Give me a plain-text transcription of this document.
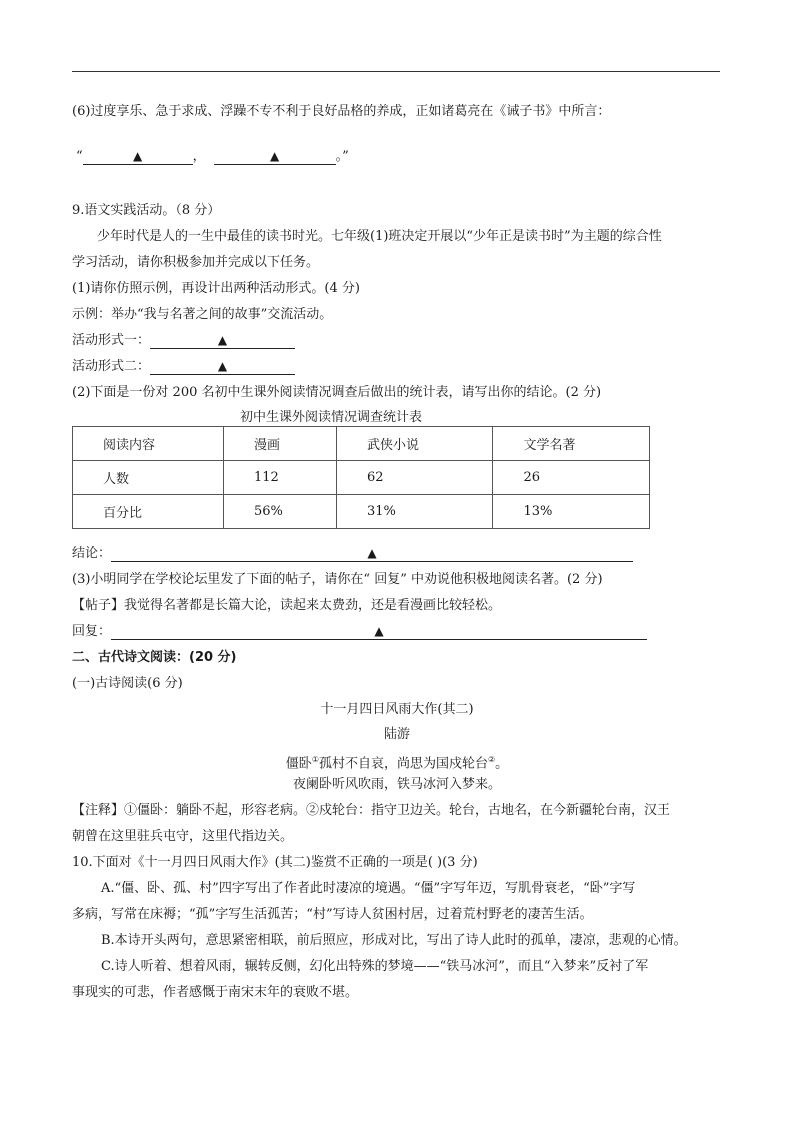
(6)过度享乐、急于求成、浮躁不专不利于良好品格的养成，正如诸葛亮在《诫子书》中所言：
“	▲	，	▲	。”
9.语文实践活动。（8 分）
少年时代是人的一生中最佳的读书时光。七年级(1)班决定开展以“少年正是读书时”为主题的综合性
学习活动，请你积极参加并完成以下任务。
(1)请你仿照示例，再设计出两种活动形式。(4 分)
示例：举办“我与名著之间的故事”交流活动。
活动形式一：	▲
活动形式二：	▲
(2)下面是一份对 200 名初中生课外阅读情况调查后做出的统计表，请写出你的结论。(2 分)
初中生课外阅读情况调查统计表
阅读内容	漫画	武侠小说	文学名著
人数	112	62	26
百分比	56%	31%	13%
结论：	▲
(3)小明同学在学校论坛里发了下面的帖子，请你在“ 回复” 中劝说他积极地阅读名著。(2 分)
【帖子】我觉得名著都是长篇大论，读起来太费劲，还是看漫画比较轻松。
回复：	▲
二、古代诗文阅读：(20 分)
(一)古诗阅读(6 分)
十一月四日风雨大作(其二)
陆游
僵卧①孤村不自哀，尚思为国戍轮台②。
夜阑卧听风吹雨，铁马冰河入梦来。
【注释】①僵卧：躺卧不起，形容老病。②戍轮台：指守卫边关。轮台，古地名，在今新疆轮台南，汉王
朝曾在这里驻兵屯守，这里代指边关。
10.下面对《十一月四日风雨大作》(其二)鉴赏不正确的一项是( )(3 分)
A.“僵、卧、孤、村”四字写出了作者此时凄凉的境遇。“僵”字写年迈，写肌骨衰老，“卧”字写
多病，写常在床褥；“孤”字写生活孤苦；“村”写诗人贫困村居，过着荒村野老的凄苦生活。
B.本诗开头两句，意思紧密相联，前后照应，形成对比，写出了诗人此时的孤单，凄凉，悲观的心情。
C.诗人听着、想着风雨，辗转反侧，幻化出特殊的梦境——“铁马冰河”，而且“入梦来”反衬了军
事现实的可悲，作者感慨于南宋末年的衰败不堪。
